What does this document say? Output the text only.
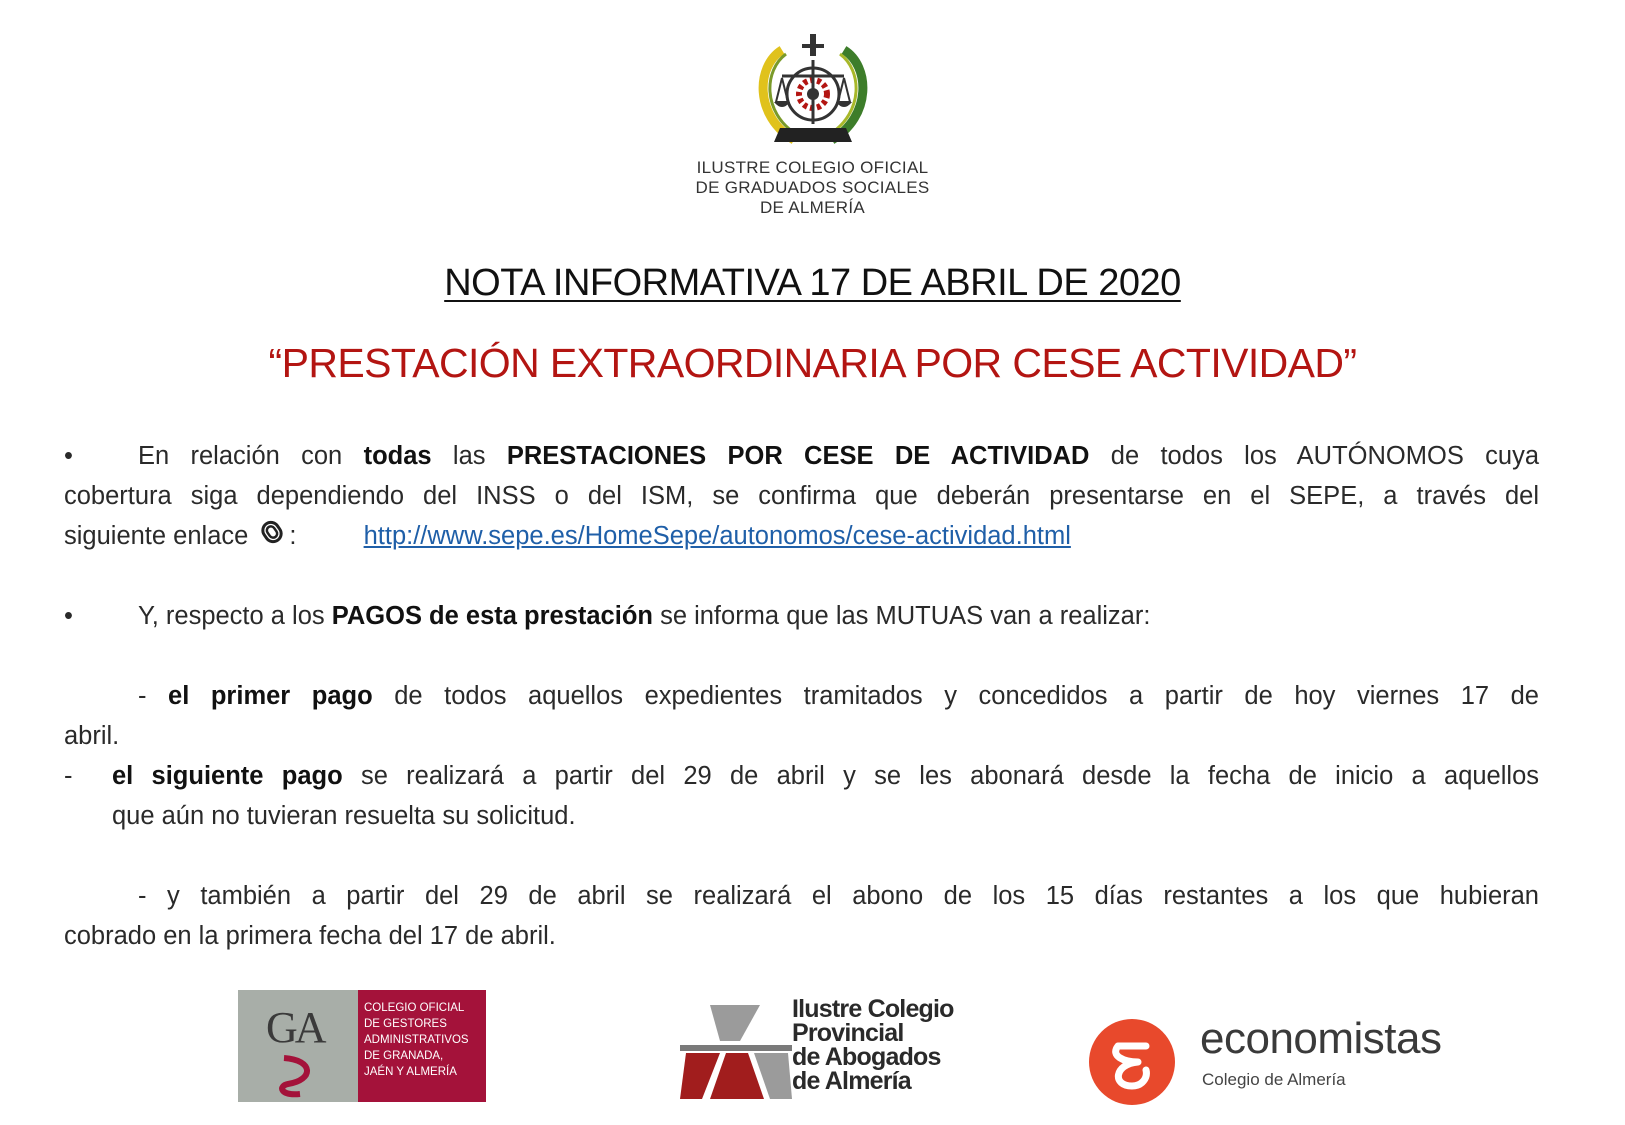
ILUSTRE COLEGIO OFICIAL
DE GRADUADOS SOCIALES
DE ALMERÍA
NOTA INFORMATIVA 17 DE ABRIL DE 2020
“PRESTACIÓN EXTRAORDINARIA POR CESE ACTIVIDAD”
•	En relación con todas las PRESTACIONES POR CESE DE ACTIVIDAD de todos los AUTÓNOMOS cuya
cobertura siga dependiendo del INSS o del ISM, se confirma que deberán presentarse en el SEPE, a través del
siguiente enlace :	http://www.sepe.es/HomeSepe/autonomos/cese-actividad.html
•	Y, respecto a los PAGOS de esta prestación se informa que las MUTUAS van a realizar:
- el primer pago de todos aquellos expedientes tramitados y concedidos a partir de hoy viernes 17 de
abril.
- el siguiente pago se realizará a partir del 29 de abril y se les abonará desde la fecha de inicio a aquellos
que aún no tuvieran resuelta su solicitud.
- y también a partir del 29 de abril se realizará el abono de los 15 días restantes a los que hubieran
cobrado en la primera fecha del 17 de abril.
GA	COLEGIO OFICIAL
DE GESTORES
ADMINISTRATIVOS
DE GRANADA,
JAÉN Y ALMERÍA
Ilustre Colegio
Provincial
de Abogados
de Almería
economistas
Colegio de Almería
